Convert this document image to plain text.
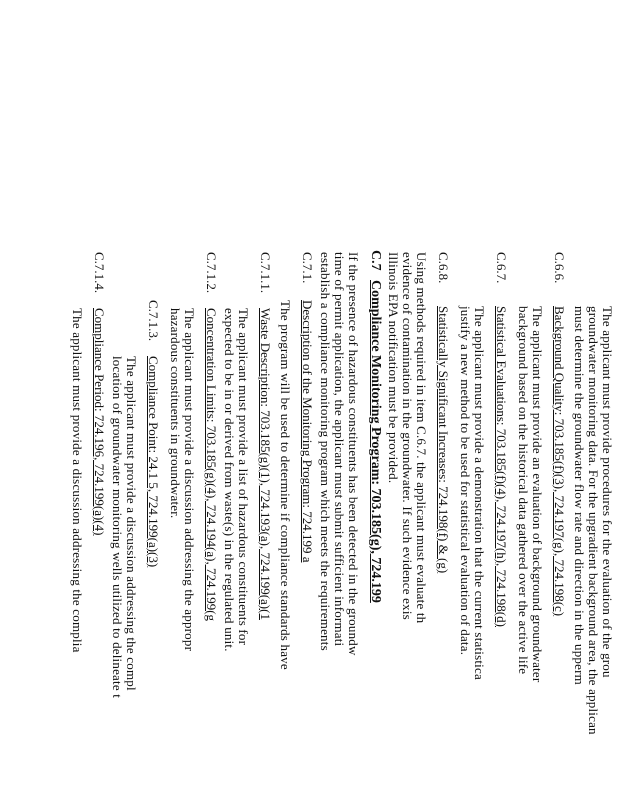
The applicant must provide procedures for the evaluation of the grou
groundwater monitoring data. For the upgradient background area, the applican
must determine the groundwater flow rate and direction in the upperm
C.6.6.
Background Quality: 703.185(f)(3), 724.197(g), 724.198(c)
The applicant must provide an evaluation of background groundwater
background based on the historical data gathered over the active life
C.6.7.
Statistical Evaluations: 703.185(f)(4), 724.197(h), 724.198(d)
The applicant must provide a demonstration that the current statistica
justify a new method to be used for statistical evaluation of data.
C.6.8.
Statistically Significant Increases: 724.198(f) & (g)
Using methods required in item C.6.7. the applicant must evaluate th
evidence of contamination in the groundwater. If such evidence exis
Illinois EPA notification must be provided.
C.7
Compliance Monitoring Program: 703.185(g), 724.199
If the presence of hazardous constituents has been detected in the groundw
time of permit application, the applicant must submit sufficient informati
establish a compliance monitoring program which meets the requirements
C.7.1.
Description of the Monitoring Program: 724.199 a
The program will be used to determine if compliance standards have
C.7.1.1.
Waste Description: 703.185(g)(1), 724.193(a), 724.199(a)(1
The applicant must provide a list of hazardous constituents for
expected to be in or derived from waste(s) in the regulated unit.
C.7.1.2.
Concentration Limits: 703.185(g)(4), 724.194(a), 724.199(g
The applicant must provide a discussion addressing the appropr
hazardous constituents in groundwater.
C.7.1.3.
Compliance Point: 24.1 5, 724.199(a)(3)
The applicant must provide a discussion addressing the compl
location of groundwater monitoring wells utilized to delineate t
C.7.1.4.
Compliance Period: 724.196, 724.199(a)(4)
The applicant must provide a discussion addressing the complia
